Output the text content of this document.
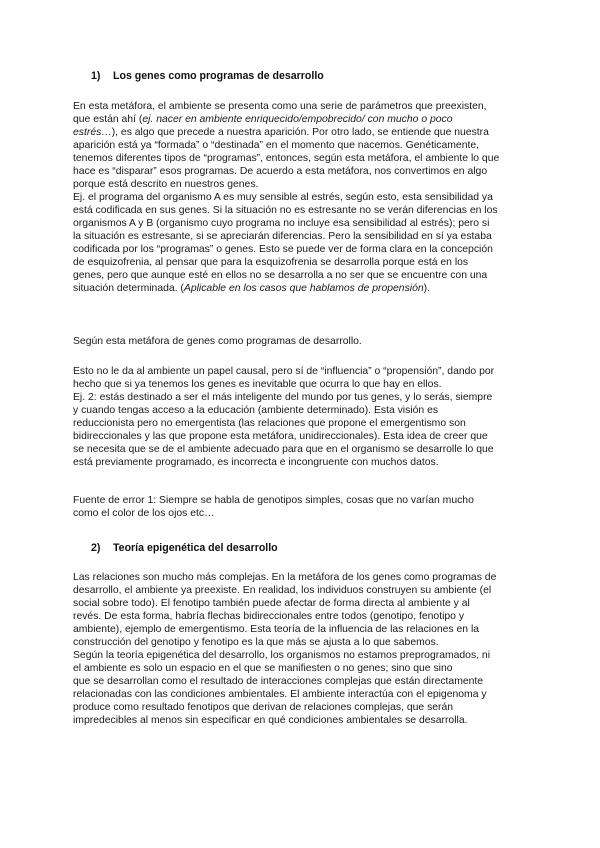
1) Los genes como programas de desarrollo
En esta metáfora, el ambiente se presenta como una serie de parámetros que preexisten,
que están ahí (ej. nacer en ambiente enriquecido/empobrecido/ con mucho o poco
estrés…), es algo que precede a nuestra aparición. Por otro lado, se entiende que nuestra
aparición está ya “formada” o “destinada” en el momento que nacemos. Genéticamente,
tenemos diferentes tipos de “programas”, entonces, según esta metáfora, el ambiente lo que
hace es “disparar” esos programas. De acuerdo a esta metáfora, nos convertimos en algo
porque está descrito en nuestros genes.
Ej. el programa del organismo A es muy sensible al estrés, según esto, esta sensibilidad ya
está codificada en sus genes. Si la situación no es estresante no se verán diferencias en los
organismos A y B (organismo cuyo programa no incluye esa sensibilidad al estrés); pero si
la situación es estresante, si se apreciarán diferencias. Pero la sensibilidad en sí ya estaba
codificada por los “programas” o genes. Esto se puede ver de forma clara en la concepción
de esquizofrenia, al pensar que para la esquizofrenia se desarrolla porque está en los
genes, pero que aunque esté en ellos no se desarrolla a no ser que se encuentre con una
situación determinada. (Aplicable en los casos que hablamos de propensión).
Según esta metáfora de genes como programas de desarrollo.
Esto no le da al ambiente un papel causal, pero sí de “influencia” o “propensión”, dando por
hecho que si ya tenemos los genes es inevitable que ocurra lo que hay en ellos.
Ej. 2: estás destinado a ser el más inteligente del mundo por tus genes, y lo serás, siempre
y cuando tengas acceso a la educación (ambiente determinado). Esta visión es
reduccionista pero no emergentista (las relaciones que propone el emergentismo son
bidireccionales y las que propone esta metáfora, unidireccionales). Esta idea de creer que
se necesita que se de el ambiente adecuado para que en el organismo se desarrolle lo que
está previamente programado, es incorrecta e incongruente con muchos datos.
Fuente de error 1: Siempre se habla de genotipos simples, cosas que no varían mucho
como el color de los ojos etc…
2) Teoría epigenética del desarrollo
Las relaciones son mucho más complejas. En la metáfora de los genes como programas de
desarrollo, el ambiente ya preexiste. En realidad, los individuos construyen su ambiente (el
social sobre todo). El fenotipo también puede afectar de forma directa al ambiente y al
revés. De esta forma, habría flechas bidireccionales entre todos (genotipo, fenotipo y
ambiente), ejemplo de emergentismo. Esta teoría de la influencia de las relaciones en la
construcción del genotipo y fenotipo es la que más se ajusta a lo que sabemos.
Según la teoría epigenética del desarrollo, los organismos no estamos preprogramados, ni
el ambiente es solo un espacio en el que se manifiesten o no genes; sino que sino
que se desarrollan como el resultado de interacciones complejas que están directamente
relacionadas con las condiciones ambientales. El ambiente interactúa con el epigenoma y
produce como resultado fenotipos que derivan de relaciones complejas, que serán
impredecibles al menos sin especificar en qué condiciones ambientales se desarrolla.
